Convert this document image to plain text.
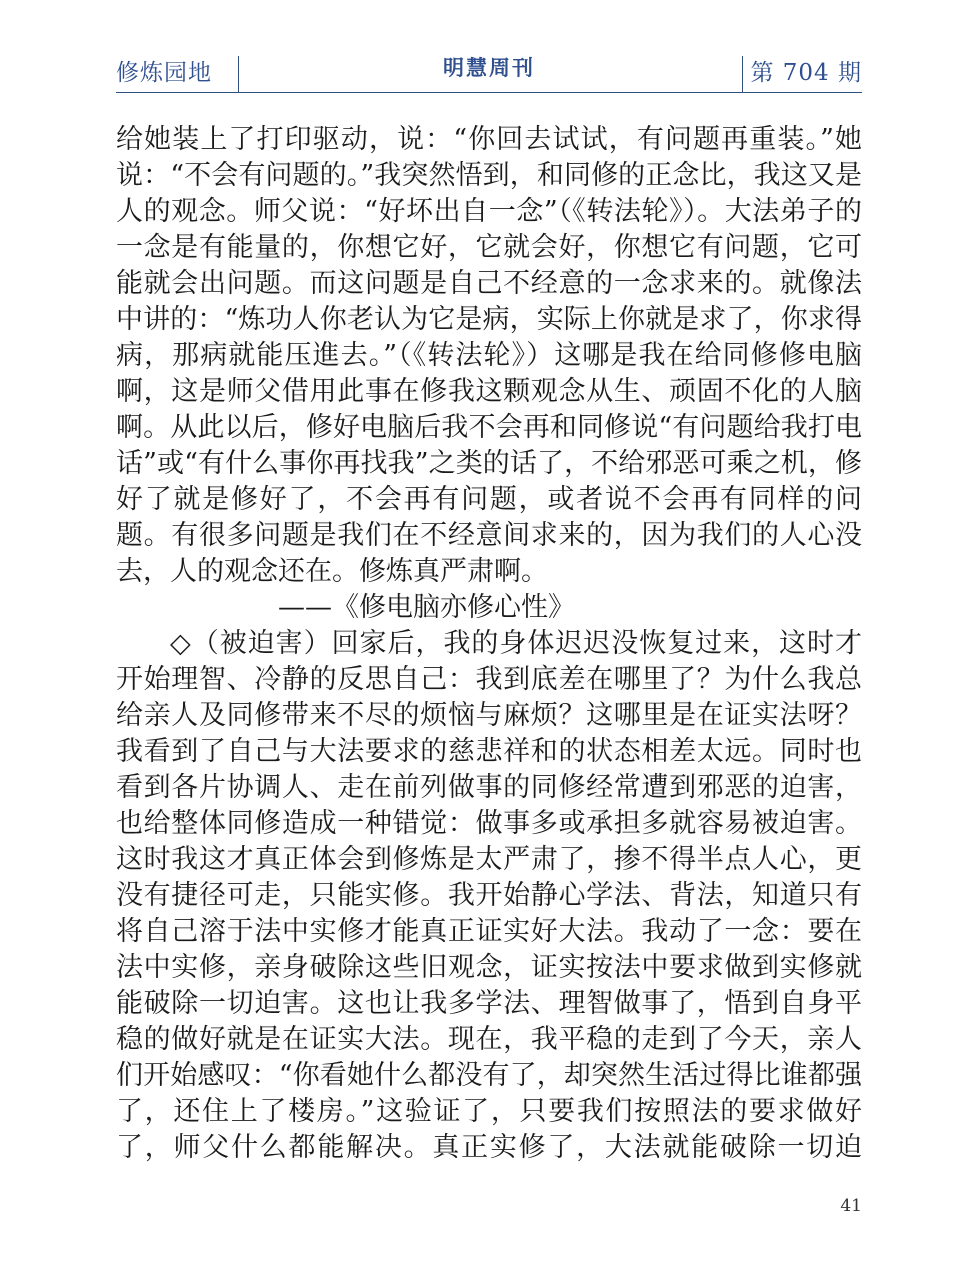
修炼园地	明慧周刊	第 704 期

给她装上了打印驱动，说：“你回去试试，有问题再重装。”她说：“不会有问题的。”我突然悟到，和同修的正念比，我这又是人的观念。师父说：“好坏出自一念”（《转法轮》）。大法弟子的一念是有能量的，你想它好，它就会好，你想它有问题，它可能就会出问题。而这问题是自己不经意的一念求来的。就像法中讲的：“炼功人你老认为它是病，实际上你就是求了，你求得病，那病就能压進去。”（《转法轮》）这哪是我在给同修修电脑啊，这是师父借用此事在修我这颗观念从生、顽固不化的人脑啊。从此以后，修好电脑后我不会再和同修说“有问题给我打电话”或“有什么事你再找我”之类的话了，不给邪恶可乘之机，修好了就是修好了，不会再有问题，或者说不会再有同样的问题。有很多问题是我们在不经意间求来的，因为我们的人心没去，人的观念还在。修炼真严肃啊。

——《修电脑亦修心性》

◇（被迫害）回家后，我的身体迟迟没恢复过来，这时才开始理智、冷静的反思自己：我到底差在哪里了？为什么我总给亲人及同修带来不尽的烦恼与麻烦？这哪里是在证实法呀？我看到了自己与大法要求的慈悲祥和的状态相差太远。同时也看到各片协调人、走在前列做事的同修经常遭到邪恶的迫害，也给整体同修造成一种错觉：做事多或承担多就容易被迫害。这时我这才真正体会到修炼是太严肃了，掺不得半点人心，更没有捷径可走，只能实修。我开始静心学法、背法，知道只有将自己溶于法中实修才能真正证实好大法。我动了一念：要在法中实修，亲身破除这些旧观念，证实按法中要求做到实修就能破除一切迫害。这也让我多学法、理智做事了，悟到自身平稳的做好就是在证实大法。现在，我平稳的走到了今天，亲人们开始感叹：“你看她什么都没有了，却突然生活过得比谁都强了，还住上了楼房。”这验证了，只要我们按照法的要求做好了，师父什么都能解决。真正实修了，大法就能破除一切迫

41
